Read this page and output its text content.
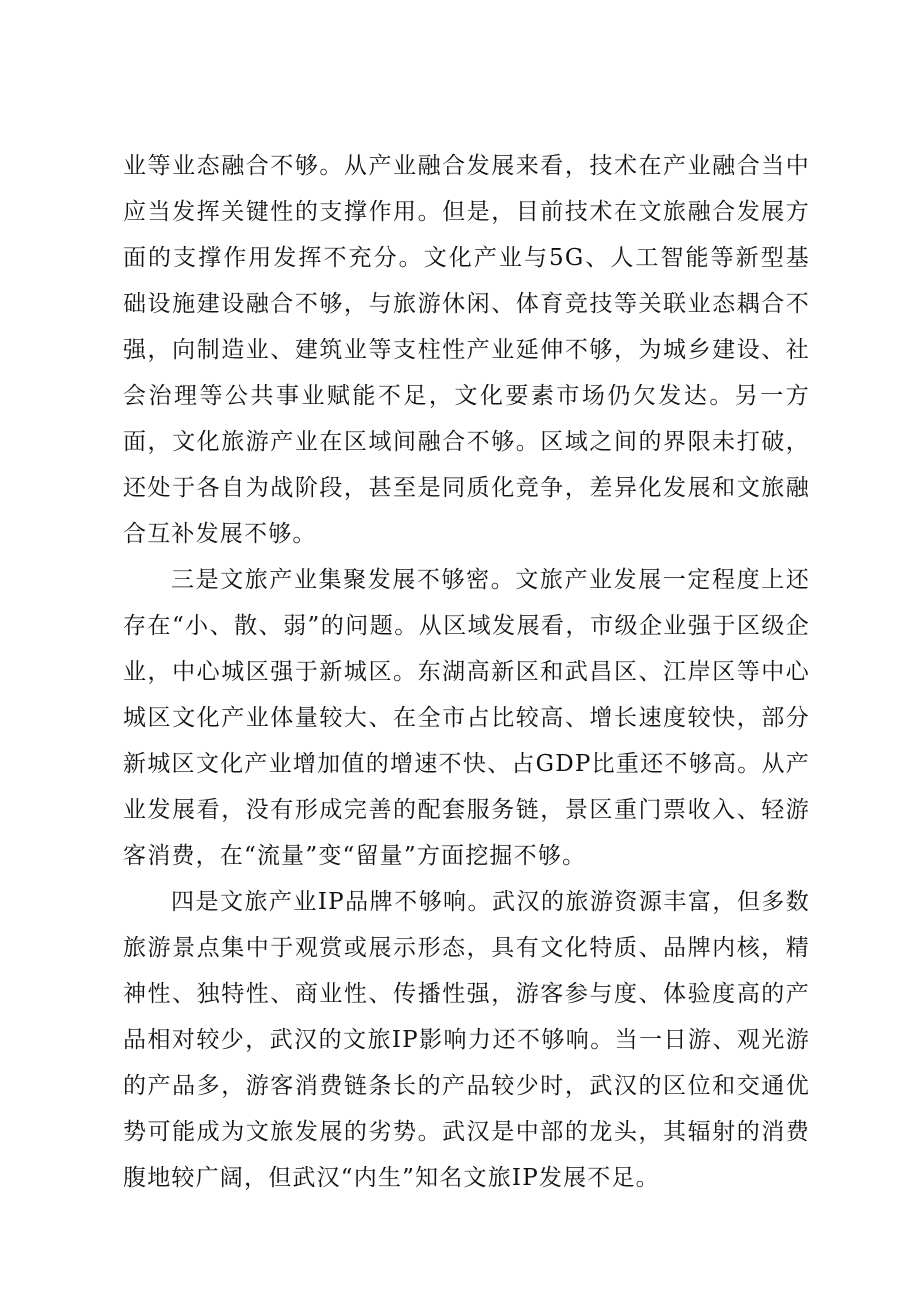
业等业态融合不够。从产业融合发展来看，技术在产业融合当中应当发挥关键性的支撑作用。但是，目前技术在文旅融合发展方面的支撑作用发挥不充分。文化产业与5G、人工智能等新型基础设施建设融合不够，与旅游休闲、体育竞技等关联业态耦合不强，向制造业、建筑业等支柱性产业延伸不够，为城乡建设、社会治理等公共事业赋能不足，文化要素市场仍欠发达。另一方面，文化旅游产业在区域间融合不够。区域之间的界限未打破，还处于各自为战阶段，甚至是同质化竞争，差异化发展和文旅融合互补发展不够。

三是文旅产业集聚发展不够密。文旅产业发展一定程度上还存在“小、散、弱”的问题。从区域发展看，市级企业强于区级企业，中心城区强于新城区。东湖高新区和武昌区、江岸区等中心城区文化产业体量较大、在全市占比较高、增长速度较快，部分新城区文化产业增加值的增速不快、占GDP比重还不够高。从产业发展看，没有形成完善的配套服务链，景区重门票收入、轻游客消费，在“流量”变“留量”方面挖掘不够。

四是文旅产业IP品牌不够响。武汉的旅游资源丰富，但多数旅游景点集中于观赏或展示形态，具有文化特质、品牌内核，精神性、独特性、商业性、传播性强，游客参与度、体验度高的产品相对较少，武汉的文旅IP影响力还不够响。当一日游、观光游的产品多，游客消费链条长的产品较少时，武汉的区位和交通优势可能成为文旅发展的劣势。武汉是中部的龙头，其辐射的消费腹地较广阔，但武汉“内生”知名文旅IP发展不足。
